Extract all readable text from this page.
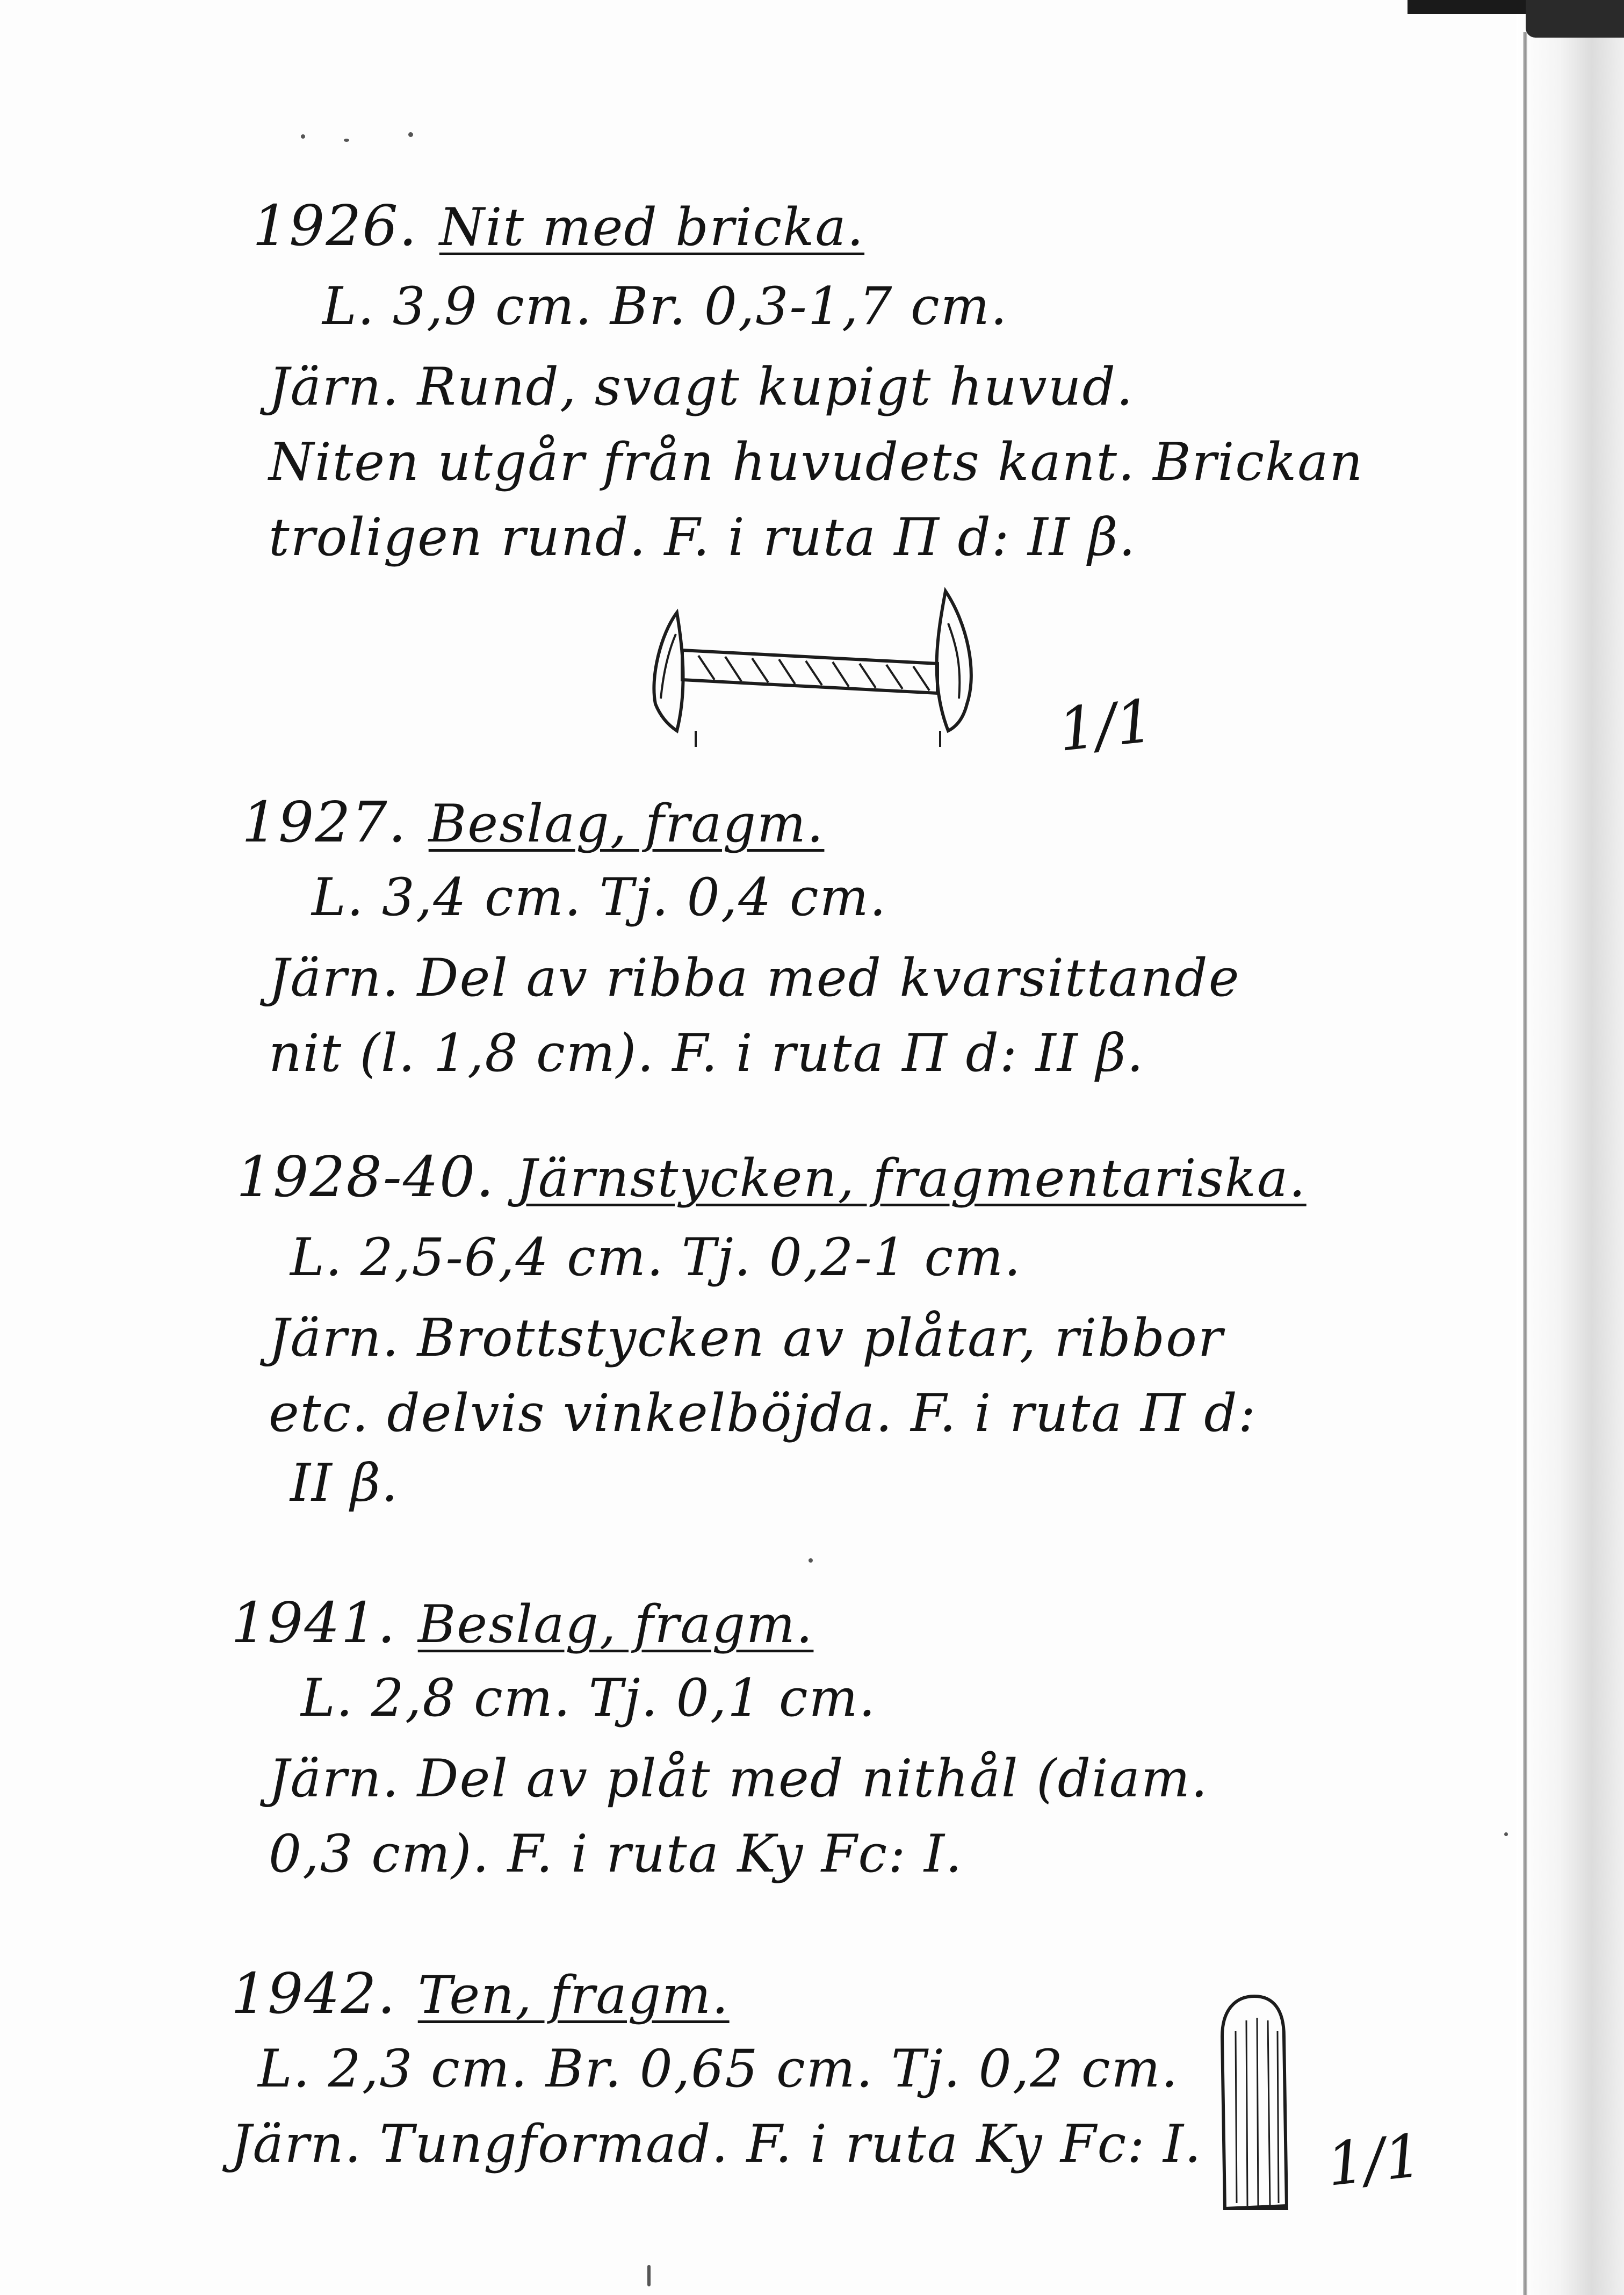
1926. Nit med bricka.
L. 3,9 cm. Br. 0,3-1,7 cm.
Järn. Rund, svagt kupigt huvud.
Niten utgår från huvudets kant. Brickan
troligen rund. F. i ruta Π d: II β.
1/1
1927. Beslag, fragm.
L. 3,4 cm. Tj. 0,4 cm.
Järn. Del av ribba med kvarsittande
nit (l. 1,8 cm). F. i ruta Π d: II β.
1928-40. Järnstycken, fragmentariska.
L. 2,5-6,4 cm. Tj. 0,2-1 cm.
Järn. Brottstycken av plåtar, ribbor
etc. delvis vinkelböjda. F. i ruta Π d:
II β.
1941. Beslag, fragm.
L. 2,8 cm. Tj. 0,1 cm.
Järn. Del av plåt med nithål (diam.
0,3 cm). F. i ruta Ky Fc: I.
1942. Ten, fragm.
L. 2,3 cm. Br. 0,65 cm. Tj. 0,2 cm.
Järn. Tungformad. F. i ruta Ky Fc: I. 1/1
